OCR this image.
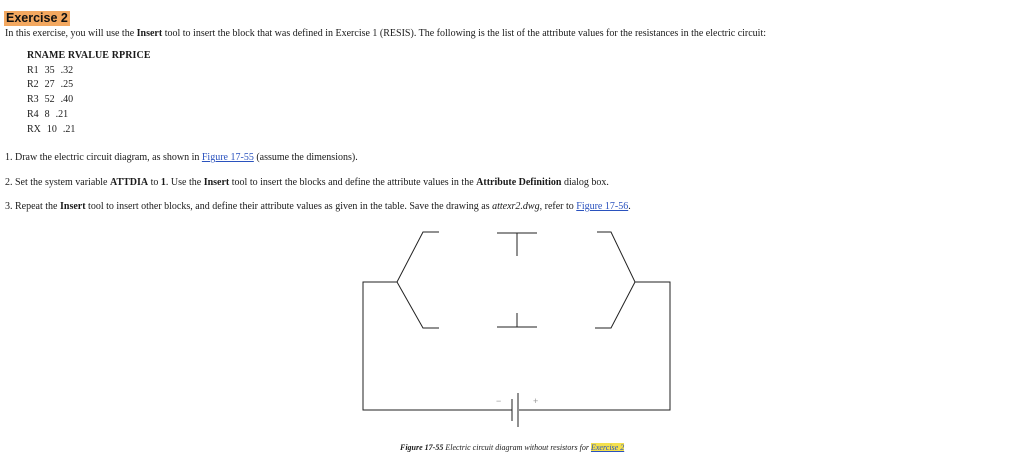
Exercise 2
In this exercise, you will use the Insert tool to insert the block that was defined in Exercise 1 (RESIS). The following is the list of the attribute values for the resistances in the electric circuit:
RNAME RVALUE RPRICE
R1 35 .32
R2 27 .25
R3 52 .40
R4 8 .21
RX 10 .21
1. Draw the electric circuit diagram, as shown in Figure 17-55 (assume the dimensions).
2. Set the system variable ATTDIA to 1. Use the Insert tool to insert the blocks and define the attribute values in the Attribute Definition dialog box.
3. Repeat the Insert tool to insert other blocks, and define their attribute values as given in the table. Save the drawing as attexr2.dwg, refer to Figure 17-56.
−	+
Figure 17-55 Electric circuit diagram without resistors for Exercise 2
